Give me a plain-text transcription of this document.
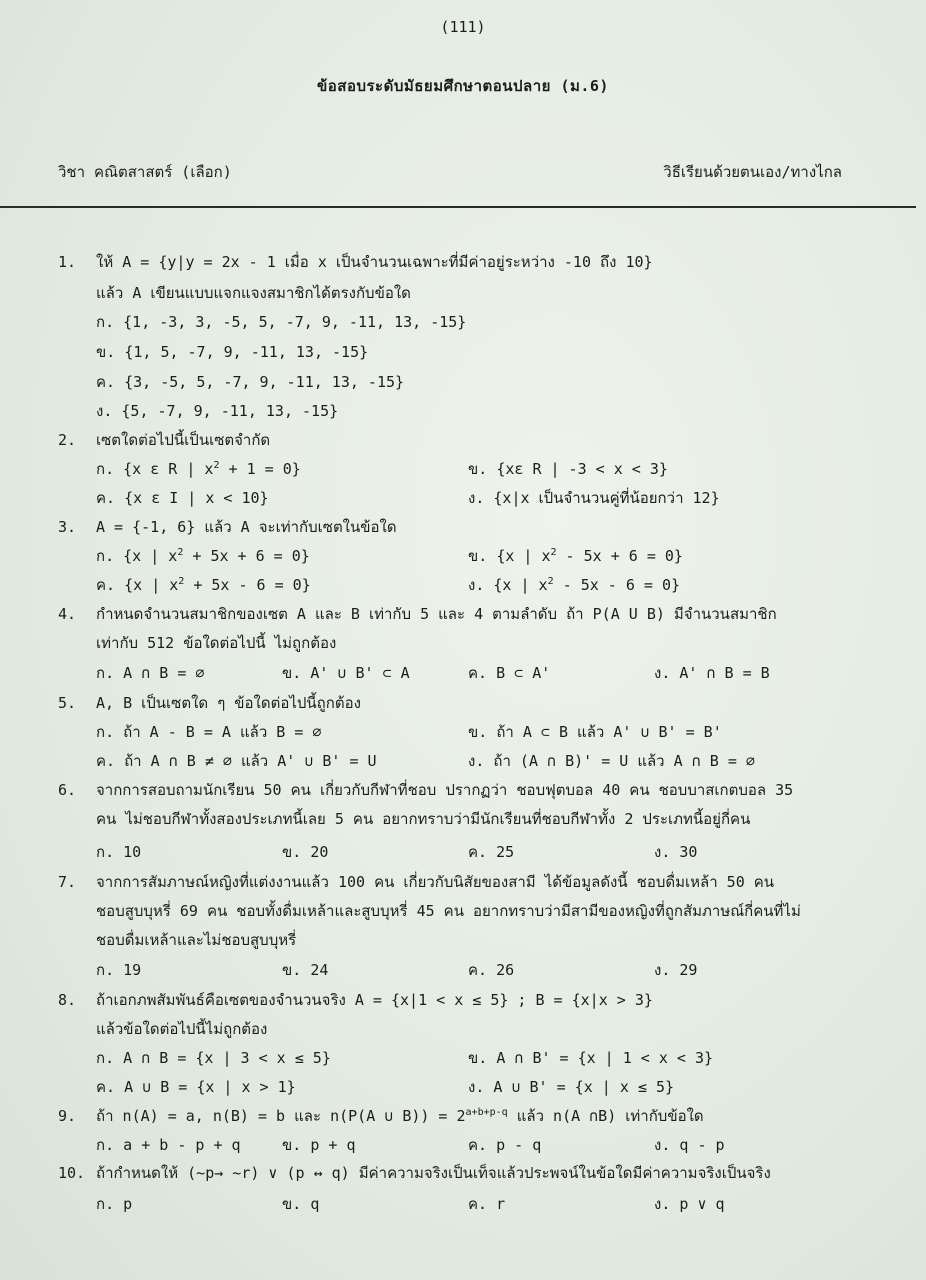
(111)
ข้อสอบระดับมัธยมศึกษาตอนปลาย (ม.6)
วิชา คณิตสาสตร์ (เลือก)	วิธีเรียนด้วยตนเอง/ทางไกล
1. ให้ A = {y|y = 2x - 1 เมื่อ x เป็นจำนวนเฉพาะที่มีค่าอยู่ระหว่าง -10 ถึง 10}
แล้ว A เขียนแบบแจกแจงสมาชิกได้ตรงกับข้อใด
ก. {1, -3, 3, -5, 5, -7, 9, -11, 13, -15}
ข. {1, 5, -7, 9, -11, 13, -15}
ค. {3, -5, 5, -7, 9, -11, 13, -15}
ง. {5, -7, 9, -11, 13, -15}
2. เซตใดต่อไปนี้เป็นเซตจำกัด
ก. {x ε R | $x^2 + 1 = 0$}	ข. {xε R | -3 < x < 3}
ค. {x ε I | x < 10}	ง. {x|x เป็นจำนวนคู่ที่น้อยกว่า 12}
3. A = {-1, 6} แล้ว A จะเท่ากับเซตในข้อใด
ก. {x | $x^2 + 5x + 6 = 0$}	ข. {x | $x^2 - 5x + 6 = 0$}
ค. {x | $x^2 + 5x - 6 = 0$}	ง. {x | $x^2 - 5x - 6 = 0$}
4. กำหนดจำนวนสมาชิกของเซต A และ B เท่ากับ 5 และ 4 ตามลำดับ ถ้า P(A U B) มีจำนวนสมาชิก
เท่ากับ 512 ข้อใดต่อไปนี้ ไม่ถูกต้อง
ก. A ∩ B = ∅	ข. A' ∪ B' ⊂ A	ค. B ⊂ A'	ง. A' ∩ B = B
5. A, B เป็นเซตใด ๆ ข้อใดต่อไปนี้ถูกต้อง
ก. ถ้า A - B = A แล้ว B = ∅	ข. ถ้า A ⊂ B แล้ว A' ∪ B' = B'
ค. ถ้า A ∩ B ≠ ∅ แล้ว A' ∪ B' = U	ง. ถ้า (A ∩ B)' = U แล้ว A ∩ B = ∅
6. จากการสอบถามนักเรียน 50 คน เกี่ยวกับกีฬาที่ชอบ ปรากฏว่า ชอบฟุตบอล 40 คน ชอบบาสเกตบอล 35
คน ไม่ชอบกีฬาทั้งสองประเภทนี้เลย 5 คน อยากทราบว่ามีนักเรียนที่ชอบกีฬาทั้ง 2 ประเภทนี้อยู่กี่คน
ก. 10	ข. 20	ค. 25	ง. 30
7. จากการสัมภาษณ์หญิงที่แต่งงานแล้ว 100 คน เกี่ยวกับนิสัยของสามี ได้ข้อมูลดังนี้ ชอบดื่มเหล้า 50 คน
ชอบสูบบุหรี่ 69 คน ชอบทั้งดื่มเหล้าและสูบบุหรี่ 45 คน อยากทราบว่ามีสามีของหญิงที่ถูกสัมภาษณ์กี่คนที่ไม่
ชอบดื่มเหล้าและไม่ชอบสูบบุหรี่
ก. 19	ข. 24	ค. 26	ง. 29
8. ถ้าเอกภพสัมพันธ์คือเซตของจำนวนจริง A = {x|1 < x ≤ 5} ; B = {x|x > 3}
แล้วข้อใดต่อไปนี้ไม่ถูกต้อง
ก. A ∩ B = {x | 3 < x ≤ 5}	ข. A ∩ B' = {x | 1 < x < 3}
ค. A ∪ B = {x | x > 1}	ง. A ∪ B' = {x | x ≤ 5}
9. ถ้า n(A) = a, n(B) = b และ n(P(A ∪ $B)) = 2^{a+b+p-q}$ แล้ว n(A ∩B) เท่ากับข้อใด
ก. a + b - p + q	ข. p + q	ค. p - q	ง. q - p
10. ถ้ากำหนดให้ (~p→ ~r) ∨ (p ↔ q) มีค่าความจริงเป็นเท็จแล้วประพจน์ในข้อใดมีค่าความจริงเป็นจริง
ก. p	ข. q	ค. r	ง. p ∨ q
